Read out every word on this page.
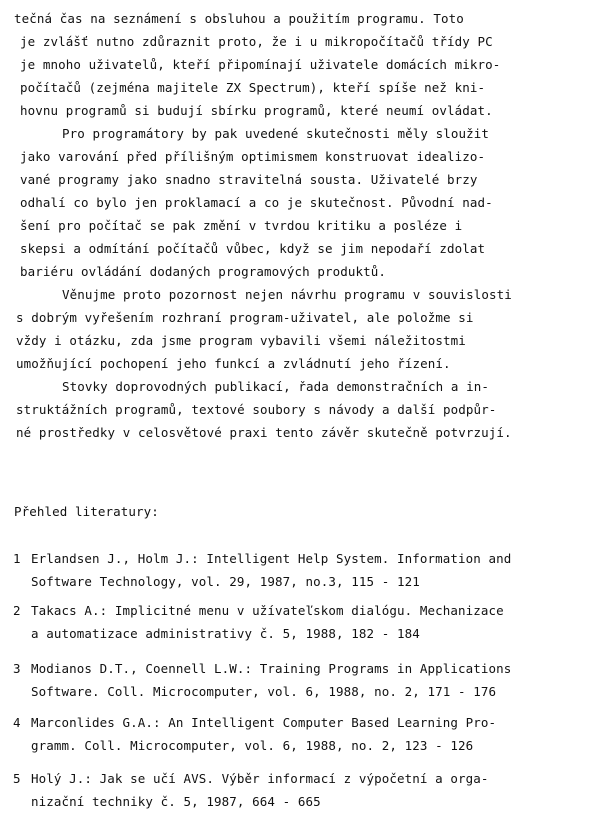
tečná čas na seznámení s obsluhou a použitím programu. Toto

je zvlášť nutno zdůraznit proto, že i u mikropočítačů třídy PC

je mnoho uživatelů, kteří připomínají uživatele domácích mikro-

počítačů (zejména majitele ZX Spectrum), kteří spíše než kni-

hovnu programů si budují sbírku programů, které neumí ovládat.

Pro programátory by pak uvedené skutečnosti měly sloužit

jako varování před přílišným optimismem konstruovat idealizo-

vané programy jako snadno stravitelná sousta. Uživatelé brzy

odhalí co bylo jen proklamací a co je skutečnost. Původní nad-

šení pro počítač se pak změní v tvrdou kritiku a posléze i

skepsi a odmítání počítačů vůbec, když se jim nepodaří zdolat

bariéru ovládání dodaných programových produktů.

Věnujme proto pozornost nejen návrhu programu v souvislosti

s dobrým vyřešením rozhraní program-uživatel, ale položme si

vždy i otázku, zda jsme program vybavili všemi náležitostmi

umožňující pochopení jeho funkcí a zvládnutí jeho řízení.

Stovky doprovodných publikací, řada demonstračních a in-

struktážních programů, textové soubory s návody a další podpůr-

né prostředky v celosvětové praxi tento závěr skutečně potvrzují.

Přehled literatury:

1 Erlandsen J., Holm J.: Intelligent Help System. Information and

Software Technology, vol. 29, 1987, no.3, 115 - 121

2 Takacs A.: Implicitné menu v užívateľskom dialógu. Mechanizace

a automatizace administrativy č. 5, 1988, 182 - 184

3 Modianos D.T., Coennell L.W.: Training Programs in Applications

Software. Coll. Microcomputer, vol. 6, 1988, no. 2, 171 - 176

4 Marconlides G.A.: An Intelligent Computer Based Learning Pro-

gramm. Coll. Microcomputer, vol. 6, 1988, no. 2, 123 - 126

5 Holý J.: Jak se učí AVS. Výběr informací z výpočetní a orga-

nizační techniky č. 5, 1987, 664 - 665
